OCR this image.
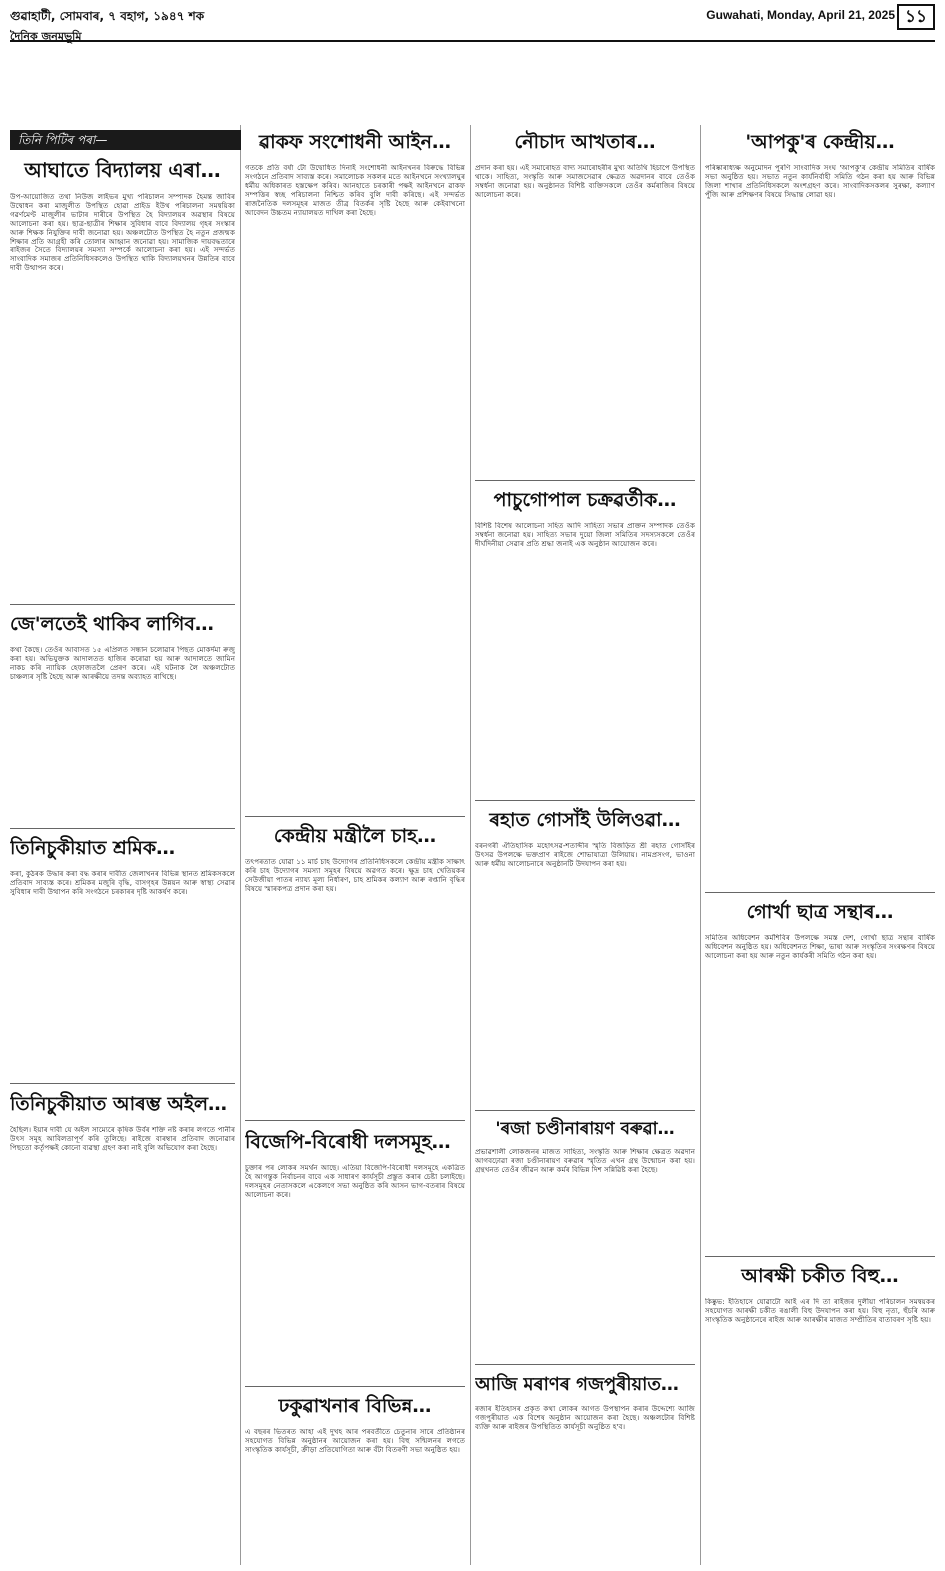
গুৱাহাটী, সোমবাৰ, ৭ বহাগ, ১৯৪৭ শক	Guwahati, Monday, April 21, 2025 ১১
দৈনিক জনমভূমি
তিনি পিটিৰ পৰা—
আঘাতে বিদ্যালয় এৰা…

উপ-আয়োজিত তথা নিউজ লাইভৰ মুখ্য পৰিচালন সম্পাদক হৈমন্ত জাবিৰ উদ্বোধন কৰা মাজুলীত উপস্থিত হোৱা প্ৰাইড ইউথ পৰিচালনা সমন্বয়িকা গৱৰ্ণমেণ্ট মাজুলীৰ ভাটাৰ দাৰীৰে উপস্থিত হৈ বিদ্যালয়ৰ অৱস্থাৰ বিষয়ে আলোচনা কৰা হয়। ছাত্ৰ-ছাত্ৰীৰ শিক্ষাৰ সুবিধাৰ বাবে বিদ্যালয় গৃহৰ সংস্কাৰ আৰু শিক্ষক নিযুক্তিৰ দাবী জনোৱা হয়। অঞ্চলটোত উপস্থিত হৈ নতুন প্ৰজন্মক শিক্ষাৰ প্ৰতি আগ্ৰহী কৰি তোলাৰ আহ্বান জনোৱা হয়। সামাজিক দায়বদ্ধতাৰে ৰাইজৰ সৈতে বিদ্যালয়ৰ সমস্যা সম্পৰ্কে আলোচনা কৰা হয়। এই সন্দৰ্ভত সাংবাদিক সমাজৰ প্ৰতিনিধিসকলেও উপস্থিত থাকি বিদ্যালয়খনৰ উন্নতিৰ বাবে দাবী উত্থাপন কৰে।

জে'লতেই থাকিব লাগিব…

কথা কৈছে। তেওঁৰ আবাসত ১৫ এপ্ৰিলত সন্ধান চলোৱাৰ পিছত মোকৰ্দমা ৰুজু কৰা হয়। অভিযুক্তক আদালতত হাজিৰ কৰোৱা হয় আৰু আদালতে জামিন নাকচ কৰি ন্যায়িক হেফাজতলৈ প্ৰেৰণ কৰে। এই ঘটনাক লৈ অঞ্চলটোত চাঞ্চল্যৰ সৃষ্টি হৈছে আৰু আৰক্ষীয়ে তদন্ত অব্যাহত ৰাখিছে।

তিনিচুকীয়াত শ্ৰমিক…

কৰা, কুঠৰক উদ্ধাৰ কৰা বদ্ধ কৰাৰ দাবীত জেলাখনৰ বিভিন্ন স্থানত শ্ৰমিকসকলে প্ৰতিবাদ সাব্যস্ত কৰে। শ্ৰমিকৰ মজুৰি বৃদ্ধি, বাসগৃহৰ উন্নয়ন আৰু স্বাস্থ্য সেৱাৰ সুবিধাৰ দাবী উত্থাপন কৰি সংগঠনে চৰকাৰৰ দৃষ্টি আকৰ্ষণ কৰে।

তিনিচুকীয়াত আৰম্ভ অইল…

হৈছিল। ইয়াৰ দাবী যে অইল সাম্যেৰে কৃষিক উৰ্বৰ শক্তি নষ্ট কৰাৰ লগতে পানীৰ উৎস সমূহ আবিলতাপূৰ্ণ কৰি তুলিছে। ৰাইজে বাৰম্বাৰ প্ৰতিবাদ জনোৱাৰ পিছতো কৰ্তৃপক্ষই কোনো ব্যৱস্থা গ্ৰহণ কৰা নাই বুলি অভিযোগ কৰা হৈছে।

ৱাকফ সংশোধনী আইন…

গতকে প্ৰতি বৰ্ষা টো উদ্বোধিত দিনাই সংশোধনী আইনখনৰ বিৰুদ্ধে বিভিন্ন সংগঠনে প্ৰতিবাদ সাব্যস্ত কৰে। সমালোচক সকলৰ মতে আইনখনে সংখ্যালঘুৰ ধৰ্মীয় অধিকাৰত হস্তক্ষেপ কৰিব। আনহাতে চৰকাৰী পক্ষই আইনখনে ৱাকফ সম্পত্তিৰ স্বচ্ছ পৰিচালনা নিশ্চিত কৰিব বুলি দাবী কৰিছে। এই সন্দৰ্ভত ৰাজনৈতিক দলসমূহৰ মাজত তীব্ৰ বিতৰ্কৰ সৃষ্টি হৈছে আৰু কেইবাখনো আবেদন উচ্চতম ন্যায়ালয়ত দাখিল কৰা হৈছে।

কেন্দ্ৰীয় মন্ত্ৰীলৈ চাহ…

তৎপৰতাত যোৱা ১১ মাৰ্চ চাহ উদ্যোগৰ প্ৰতিনিধিসকলে কেন্দ্ৰীয় মন্ত্ৰীক সাক্ষাৎ কৰি চাহ উদ্যোগৰ সমস্যা সমূহৰ বিষয়ে অৱগত কৰে। ক্ষুদ্ৰ চাহ খেতিয়কৰ সেউজীয়া পাতৰ ন্যায্য মূল্য নিৰ্ধাৰণ, চাহ শ্ৰমিকৰ কল্যাণ আৰু ৰপ্তানি বৃদ্ধিৰ বিষয়ে স্মাৰকপত্ৰ প্ৰদান কৰা হয়।

বিজেপি-বিৰোধী দলসমূহ…

চুক্তাৰ পৰ লোকৰ সমৰ্থন আছে। এতিয়া বিজেপি-বিৰোধী দলসমূহে একত্ৰিত হৈ আগন্তুক নিৰ্বাচনৰ বাবে এক সাধাৰণ কাৰ্যসূচী প্ৰস্তুত কৰাৰ চেষ্টা চলাইছে। দলসমূহৰ নেতাসকলে একেলগে সভা অনুষ্ঠিত কৰি আসন ভাগ-বতৰাৰ বিষয়ে আলোচনা কৰে।

ঢকুৱাখনাৰ বিভিন্ন…

এ বছৰৰ ভিতৰত আহা এই দুখহ আৰ পৰবৰ্তীতে চেতুনাৰ সাৰে প্ৰতিষ্ঠানৰ সহযোগত বিভিন্ন অনুষ্ঠানৰ আয়োজন কৰা হয়। বিহু সন্মিলনৰ লগতে সাংস্কৃতিক কাৰ্যসূচী, ক্ৰীড়া প্ৰতিযোগিতা আৰু বঁটা বিতৰণী সভা অনুষ্ঠিত হয়।

নৌচাদ আখতাৰ…

প্ৰদান কৰা হয়। এই সমাৰোহত বাদ্য সমাৰোহৰীৰ মুখ্য অতিথি হিচাপে উপস্থিত থাকে। সাহিত্য, সংস্কৃতি আৰু সমাজসেৱাৰ ক্ষেত্ৰত অৱদানৰ বাবে তেওঁক সম্বৰ্ধনা জনোৱা হয়। অনুষ্ঠানত বিশিষ্ট ব্যক্তিসকলে তেওঁৰ কৰ্মৰাজিৰ বিষয়ে আলোচনা কৰে।

পাচুগোপাল চক্ৰৱৰ্তীক…

বিশিষ্ট বিশেষ আলোচনা সহিত আদি সাহিত্য সভাৰ প্ৰাক্তন সম্পাদক তেওঁক সম্বৰ্ধনা জনোৱা হয়। সাহিত্য সভাৰ দুয়ো জিলা সমিতিৰ সদস্যসকলে তেওঁৰ দীৰ্ঘদিনীয়া সেৱাৰ প্ৰতি শ্ৰদ্ধা জনাই এক অনুষ্ঠান আয়োজন কৰে।

ৰহাত গোসাঁই উলিওৱা…

বৰনগৰী ঐতিহাসিক মহোৎসৱ-শতাব্দীৰ স্মৃতি বিজড়িত শ্ৰী ৰহাত গোসাঁইৰ উৎসৱ উপলক্ষে ভক্তপ্ৰাণ ৰাইজে শোভাযাত্ৰা উলিয়ায়। নামপ্ৰসংগ, ভাওনা আৰু ধৰ্মীয় আলোচনাৰে অনুষ্ঠানটি উদযাপন কৰা হয়।

'ৰজা চণ্ডীনাৰায়ণ বৰুৱা…

প্ৰভাৱশালী লোকজনৰ মাজত সাহিত্য, সংস্কৃতি আৰু শিক্ষাৰ ক্ষেত্ৰত অৱদান আগবঢ়োৱা ৰজা চণ্ডীনাৰায়ণ বৰুৱাৰ স্মৃতিত এখন গ্ৰন্থ উন্মোচন কৰা হয়। গ্ৰন্থখনত তেওঁৰ জীৱন আৰু কৰ্মৰ বিভিন্ন দিশ সন্নিৱিষ্ট কৰা হৈছে।

আজি মৰাণৰ গজপুৰীয়াত…

ৰজাৰ ইতিহাসৰ প্ৰকৃত কথা লোকৰ আগত উপস্থাপন কৰাৰ উদ্দেশ্যে আজি গজপুৰীয়াত এক বিশেষ অনুষ্ঠান আয়োজন কৰা হৈছে। অঞ্চলটোৰ বিশিষ্ট ব্যক্তি আৰু ৰাইজৰ উপস্থিতিত কাৰ্যসূচী অনুষ্ঠিত হ'ব।

'আপকু'ৰ কেন্দ্ৰীয়…

পৰিষ্কাৰাধ্যক্ষ অনুমোদন পুৰণি সাংবাদিক সংঘ 'আপকু'ৰ কেন্দ্ৰীয় সমিতিৰ বাৰ্ষিক সভা অনুষ্ঠিত হয়। সভাত নতুন কাৰ্যনিৰ্বাহী সমিতি গঠন কৰা হয় আৰু বিভিন্ন জিলা শাখাৰ প্ৰতিনিধিসকলে অংশগ্ৰহণ কৰে। সাংবাদিকসকলৰ সুৰক্ষা, কল্যাণ পুঁজি আৰু প্ৰশিক্ষণৰ বিষয়ে সিদ্ধান্ত লোৱা হয়।

গোৰ্খা ছাত্ৰ সন্থাৰ…

সমিতিৰ অধিবেশন কৰ্মশিবিৰ উপলক্ষে সমস্ত দেশ, গোৰ্খা ছাত্ৰ সন্থাৰ বাৰ্ষিক অধিবেশন অনুষ্ঠিত হয়। অধিবেশনত শিক্ষা, ভাষা আৰু সংস্কৃতিৰ সংৰক্ষণৰ বিষয়ে আলোচনা কৰা হয় আৰু নতুন কাৰ্যকৰী সমিতি গঠন কৰা হয়।

আৰক্ষী চকীত বিহু…

কিষ্কুভ: ইতিহাসে যোৱাটো আই এৰ দি তা ৰাইজৰ দুলীয়া পৰিচালন সমন্বয়কৰ সহযোগত আৰক্ষী চকীত ৰঙালী বিহু উদযাপন কৰা হয়। বিহু নৃত্য, হুঁচৰি আৰু সাংস্কৃতিক অনুষ্ঠানেৰে ৰাইজ আৰু আৰক্ষীৰ মাজত সম্প্ৰীতিৰ বাতাবৰণ সৃষ্টি হয়।
